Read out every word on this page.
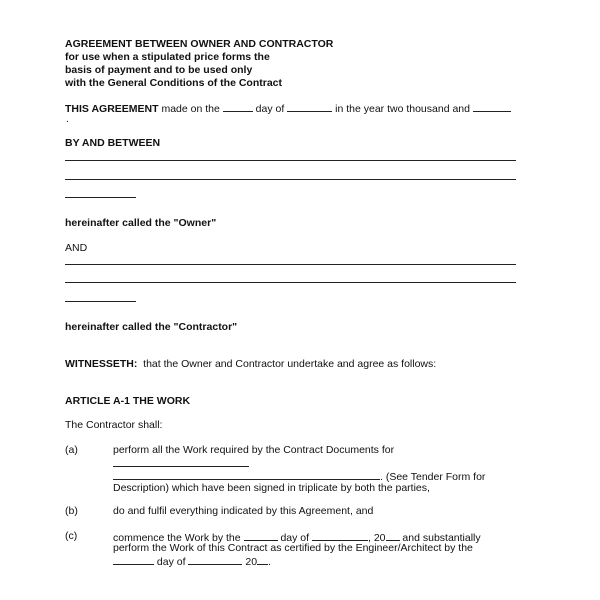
AGREEMENT BETWEEN OWNER AND CONTRACTOR
for use when a stipulated price forms the
basis of payment and to be used only
with the General Conditions of the Contract
THIS AGREEMENT made on the	day of	in the year two thousand and
.
BY AND BETWEEN
hereinafter called the "Owner"
AND
hereinafter called the "Contractor"
WITNESSETH:  that the Owner and Contractor undertake and agree as follows:
ARTICLE A-1 THE WORK
The Contractor shall:
(a)	perform all the Work required by the Contract Documents for
. (See Tender Form for
Description) which have been signed in triplicate by both the parties,
(b)	do and fulfil everything indicated by this Agreement, and
(c)	commence the Work by the	day of	, 20 and substantially
perform the Work of this Contract as certified by the Engineer/Architect by the
day of	20 .
